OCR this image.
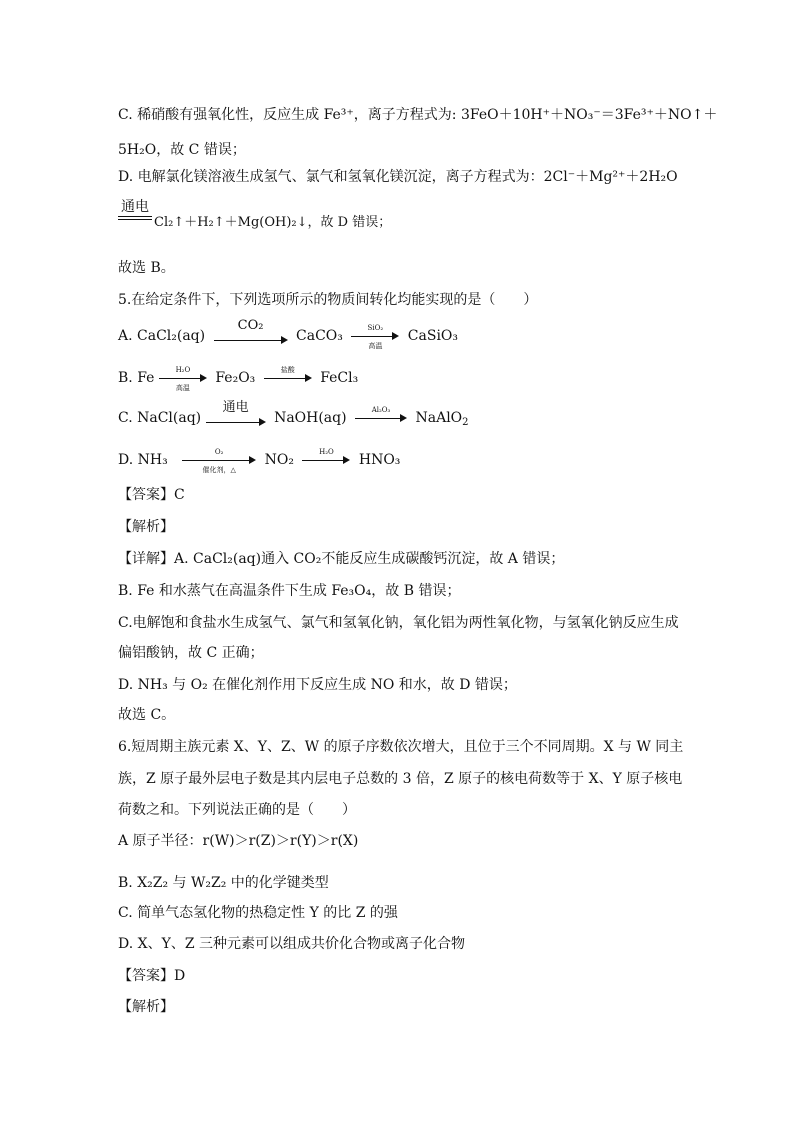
C. 稀硝酸有强氧化性，反应生成 Fe³⁺，离子方程式为: 3FeO＋10H⁺＋NO₃⁻＝3Fe³⁺＋NO↑＋
5H₂O，故 C 错误；
D. 电解氯化镁溶液生成氢气、氯气和氢氧化镁沉淀，离子方程式为：2Cl⁻＋Mg²⁺＋2H₂O
通电
Cl₂↑＋H₂↑＋Mg(OH)₂↓，故 D 错误；
故选 B。
5.在给定条件下，下列选项所示的物质间转化均能实现的是（　　）
A. CaCl₂(aq)
CO₂
CaCO₃	SiO₂
高温
CaSiO₃
B. Fe	H₂O
高温
Fe₂O₃	盐酸	FeCl₃
C. NaCl(aq)
通电
NaOH(aq)	Al₂O₃	NaAlO$_2$
D. NH₃	O₂
催化剂，△
NO₂	H₂O	HNO₃
【答案】C
【解析】
【详解】A. CaCl₂(aq)通入 CO₂不能反应生成碳酸钙沉淀，故 A 错误；
B. Fe 和水蒸气在高温条件下生成 Fe₃O₄，故 B 错误；
C.电解饱和食盐水生成氢气、氯气和氢氧化钠，氧化铝为两性氧化物，与氢氧化钠反应生成
偏铝酸钠，故 C 正确；
D. NH₃ 与 O₂ 在催化剂作用下反应生成 NO 和水，故 D 错误；
故选 C。
6.短周期主族元素 X、Y、Z、W 的原子序数依次增大，且位于三个不同周期。X 与 W 同主
族，Z 原子最外层电子数是其内层电子总数的 3 倍，Z 原子的核电荷数等于 X、Y 原子核电
荷数之和。下列说法正确的是（　　）
A 原子半径：r(W)＞r(Z)＞r(Y)＞r(X)
B. X₂Z₂ 与 W₂Z₂ 中的化学键类型
C. 简单气态氢化物的热稳定性 Y 的比 Z 的强
D. X、Y、Z 三种元素可以组成共价化合物或离子化合物
【答案】D
【解析】
